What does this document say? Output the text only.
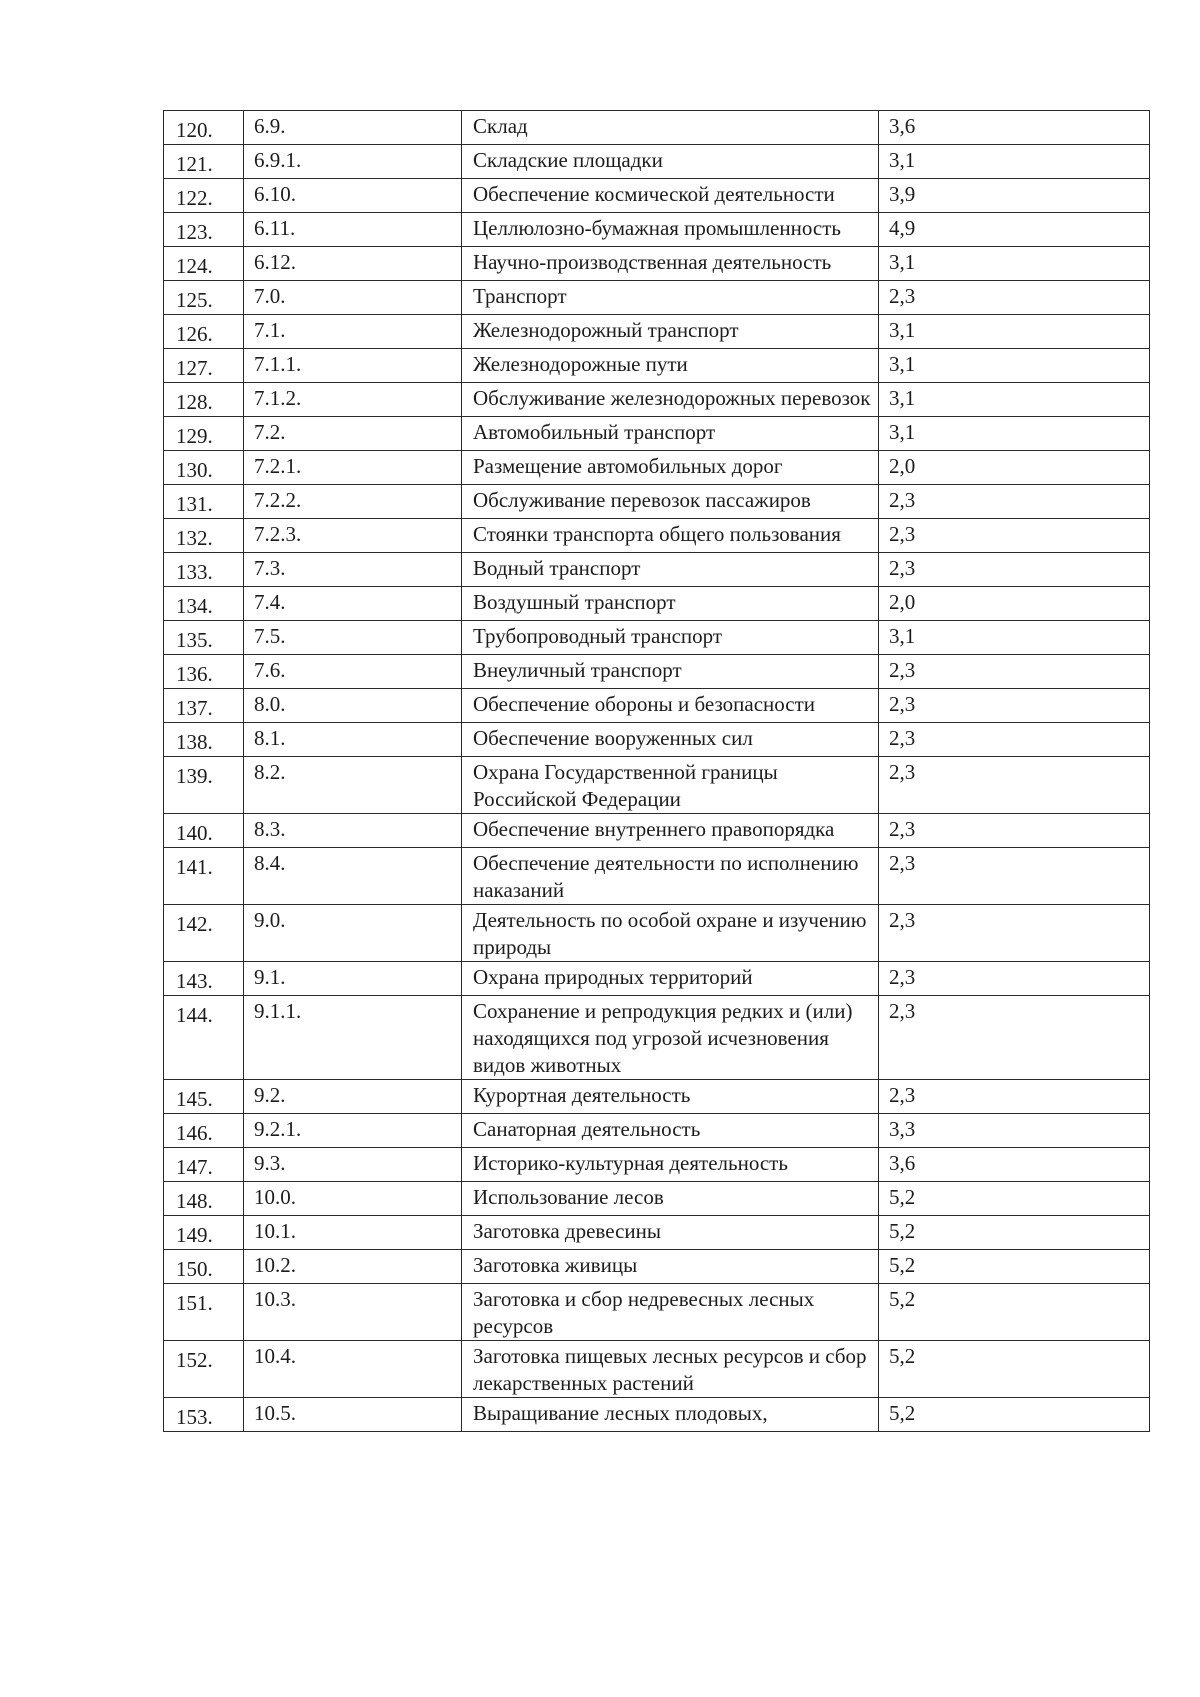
120.	6.9.	Склад	3,6
121.	6.9.1.	Складские площадки	3,1
122.	6.10.	Обеспечение космической деятельности	3,9
123.	6.11.	Целлюлозно-бумажная промышленность	4,9
124.	6.12.	Научно-производственная деятельность	3,1
125.	7.0.	Транспорт	2,3
126.	7.1.	Железнодорожный транспорт	3,1
127.	7.1.1.	Железнодорожные пути	3,1
128.	7.1.2.	Обслуживание железнодорожных перевозок	3,1
129.	7.2.	Автомобильный транспорт	3,1
130.	7.2.1.	Размещение автомобильных дорог	2,0
131.	7.2.2.	Обслуживание перевозок пассажиров	2,3
132.	7.2.3.	Стоянки транспорта общего пользования	2,3
133.	7.3.	Водный транспорт	2,3
134.	7.4.	Воздушный транспорт	2,0
135.	7.5.	Трубопроводный транспорт	3,1
136.	7.6.	Внеуличный транспорт	2,3
137.	8.0.	Обеспечение обороны и безопасности	2,3
138.	8.1.	Обеспечение вооруженных сил	2,3
139.	8.2.	Охрана Государственной границы Российской Федерации	2,3
140.	8.3.	Обеспечение внутреннего правопорядка	2,3
141.	8.4.	Обеспечение деятельности по исполнению наказаний	2,3
142.	9.0.	Деятельность по особой охране и изучению природы	2,3
143.	9.1.	Охрана природных территорий	2,3
144.	9.1.1.	Сохранение и репродукция редких и (или) находящихся под угрозой исчезновения видов животных	2,3
145.	9.2.	Курортная деятельность	2,3
146.	9.2.1.	Санаторная деятельность	3,3
147.	9.3.	Историко-культурная деятельность	3,6
148.	10.0.	Использование лесов	5,2
149.	10.1.	Заготовка древесины	5,2
150.	10.2.	Заготовка живицы	5,2
151.	10.3.	Заготовка и сбор недревесных лесных ресурсов	5,2
152.	10.4.	Заготовка пищевых лесных ресурсов и сбор лекарственных растений	5,2
153.	10.5.	Выращивание лесных плодовых,	5,2
